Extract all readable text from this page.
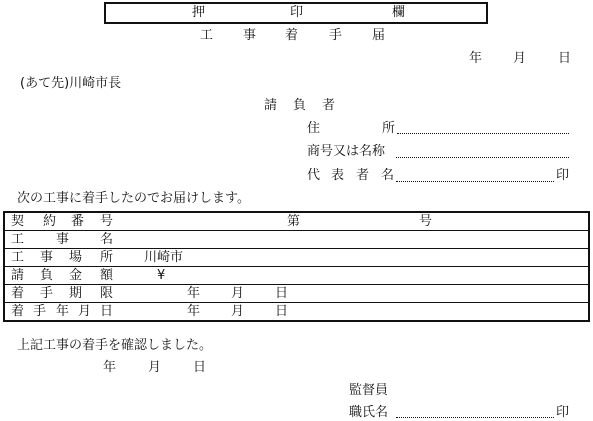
押	印	欄
工 事 着 手 届
年 月 日
(あて先)川崎市長
請 負 者
住	所
商号又は名称
代 表 者 名	印
次の工事に着手したのでお届けします。
契 約 番 号	第	号

工 事 名

工 事 場 所 川崎市

請 負 金 額	¥

着 手 期 限	年 月 日

着 手 年 月 日	年 月 日
上記工事の着手を確認しました。
年 月 日
監督員
職氏名	印
